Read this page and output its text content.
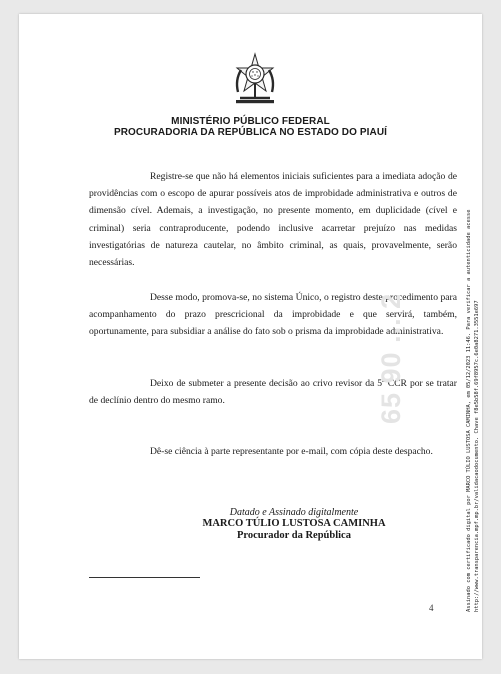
MINISTÉRIO PÚBLICO FEDERAL
PROCURADORIA DA REPÚBLICA NO ESTADO DO PIAUÍ

Registre-se que não há elementos iniciais suficientes para a imediata adoção de providências com o escopo de apurar possíveis atos de improbidade administrativa e outros de dimensão cível. Ademais, a investigação, no presente momento, em duplicidade (cível e criminal) seria contraproducente, podendo inclusive acarretar prejuízo nas medidas investigatórias de natureza cautelar, no âmbito criminal, as quais, provavelmente, serão necessárias.

Desse modo, promova-se, no sistema Único, o registro deste procedimento para acompanhamento do prazo prescricional da improbidade e que servirá, também, oportunamente, para subsidiar a análise do fato sob o prisma da improbidade administrativa.

Deixo de submeter a presente decisão ao crivo revisor da 5ª CCR por se tratar de declínio dentro do mesmo ramo.

Dê-se ciência à parte representante por e-mail, com cópia deste despacho.

Datado e Assinado digitalmente
MARCO TÚLIO LUSTOSA CAMINHA
Procurador da República
4
65 90 ... 2	Assinado com certificado digital por MARCO TÚLIO LUSTOSA CAMINHA, em 05/12/2023 11:46. Para verificar a autenticidade acesse http://www.transparencia.mpf.mp.br/validacaodocumento. Chave f8e5b58f.69f8957c.6e0a8271.3551e697
